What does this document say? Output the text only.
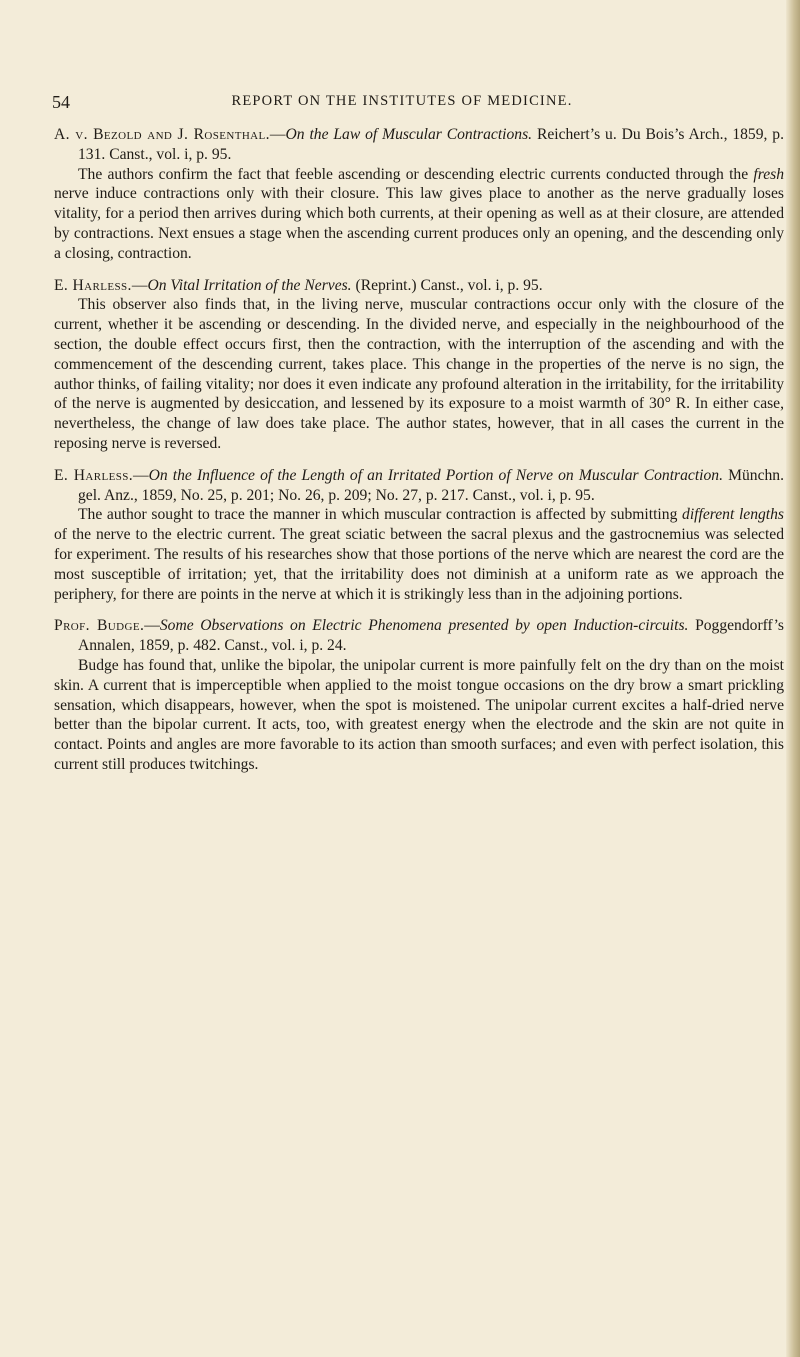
54	REPORT ON THE INSTITUTES OF MEDICINE.

A. v. Bezold and J. Rosenthal.—On the Law of Muscular Contractions. Reichert’s u. Du Bois’s Arch., 1859, p. 131. Canst., vol. i, p. 95.

The authors confirm the fact that feeble ascending or descending electric currents conducted through the fresh nerve induce contractions only with their closure. This law gives place to another as the nerve gradually loses vitality, for a period then arrives during which both currents, at their opening as well as at their closure, are attended by contractions. Next ensues a stage when the ascending current produces only an opening, and the descending only a closing, contraction.

E. Harless.—On Vital Irritation of the Nerves. (Reprint.) Canst., vol. i, p. 95.

This observer also finds that, in the living nerve, muscular contractions occur only with the closure of the current, whether it be ascending or descending. In the divided nerve, and especially in the neighbourhood of the section, the double effect occurs first, then the contraction, with the interruption of the ascending and with the commencement of the descending current, takes place. This change in the properties of the nerve is no sign, the author thinks, of failing vitality; nor does it even indicate any profound alteration in the irritability, for the irritability of the nerve is augmented by desiccation, and lessened by its exposure to a moist warmth of 30° R. In either case, nevertheless, the change of law does take place. The author states, however, that in all cases the current in the reposing nerve is reversed.

E. Harless.—On the Influence of the Length of an Irritated Portion of Nerve on Muscular Contraction. Münchn. gel. Anz., 1859, No. 25, p. 201; No. 26, p. 209; No. 27, p. 217. Canst., vol. i, p. 95.

The author sought to trace the manner in which muscular contraction is affected by submitting different lengths of the nerve to the electric current. The great sciatic between the sacral plexus and the gastrocnemius was selected for experiment. The results of his researches show that those portions of the nerve which are nearest the cord are the most susceptible of irritation; yet, that the irritability does not diminish at a uniform rate as we approach the periphery, for there are points in the nerve at which it is strikingly less than in the adjoining portions.

Prof. Budge.—Some Observations on Electric Phenomena presented by open Induction-circuits. Poggendorff’s Annalen, 1859, p. 482. Canst., vol. i, p. 24.

Budge has found that, unlike the bipolar, the unipolar current is more painfully felt on the dry than on the moist skin. A current that is imperceptible when applied to the moist tongue occasions on the dry brow a smart prickling sensation, which disappears, however, when the spot is moistened. The unipolar current excites a half-dried nerve better than the bipolar current. It acts, too, with greatest energy when the electrode and the skin are not quite in contact. Points and angles are more favorable to its action than smooth surfaces; and even with perfect isolation, this current still produces twitchings.
